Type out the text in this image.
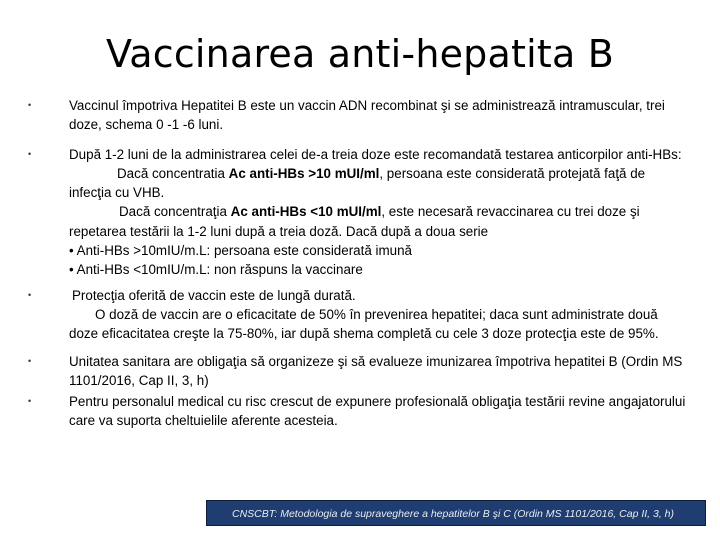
Vaccinarea anti-hepatita B
•	Vaccinul împotriva Hepatitei B este un vaccin ADN recombinat şi se administrează intramuscular, trei doze, schema 0 -1 -6 luni.
•	După 1-2 luni de la administrarea celei de-a treia doze este recomandată testarea anticorpilor anti-HBs:
Dacă concentratia Ac anti-HBs >10 mUI/ml, persoana este considerată protejată faţă de infecţia cu VHB.
Dacă concentraţia Ac anti-HBs <10 mUI/ml, este necesară revaccinarea cu trei doze şi repetarea testării la 1-2 luni după a treia doză. Dacă după a doua serie
• Anti-HBs >10mIU/m.L: persoana este considerată imună
• Anti-HBs <10mIU/m.L: non răspuns la vaccinare
•	Protecţia oferită de vaccin este de lungă durată.
O doză de vaccin are o eficacitate de 50% în prevenirea hepatitei; daca sunt administrate două doze eficacitatea creşte la 75-80%, iar după shema completă cu cele 3 doze protecţia este de 95%.
•	Unitatea sanitara are obligaţia să organizeze şi să evalueze imunizarea împotriva hepatitei B (Ordin MS 1101/2016, Cap II, 3, h)
•	Pentru personalul medical cu risc crescut de expunere profesională obligaţia testării revine angajatorului care va suporta cheltuielile aferente acesteia.
CNSCBT: Metodologia de supraveghere a hepatitelor B şi C (Ordin MS 1101/2016, Cap II, 3, h)
